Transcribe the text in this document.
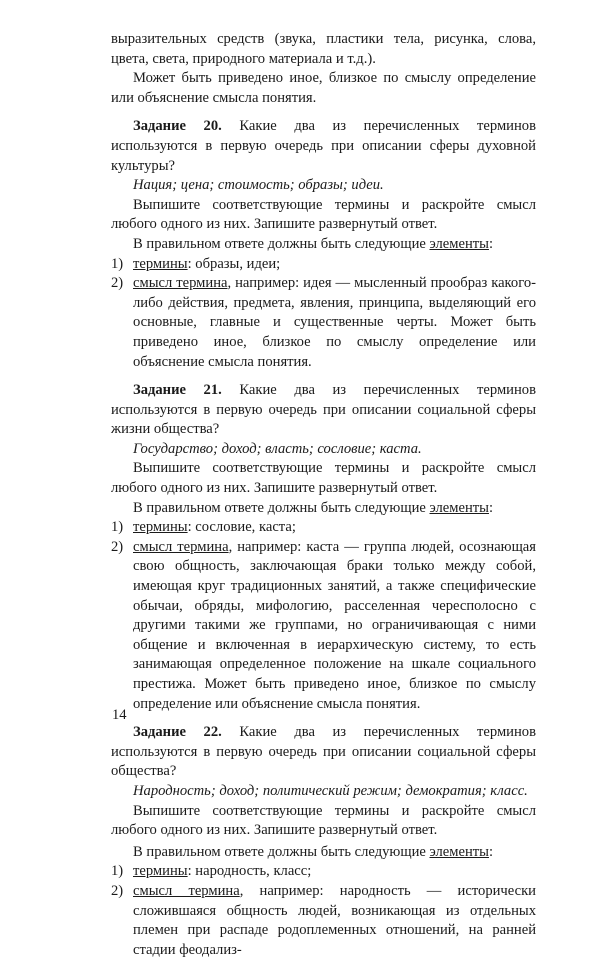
выразительных средств (звука, пластики тела, рисунка, слова, цвета, света, природного материала и т.д.).

Может быть приведено иное, близкое по смыслу определение или объяснение смысла понятия.

Задание 20. Какие два из перечисленных терминов используются в первую очередь при описании сферы духовной культуры?

Нация; цена; стоимость; образы; идеи.

Выпишите соответствующие термины и раскройте смысл любого одного из них. Запишите развернутый ответ.

В правильном ответе должны быть следующие элементы:

1) термины: образы, идеи;

2) смысл термина, например: идея — мысленный прообраз какого-либо действия, предмета, явления, принципа, выделяющий его основные, главные и существенные черты. Может быть приведено иное, близкое по смыслу определение или объяснение смысла понятия.

Задание 21. Какие два из перечисленных терминов используются в первую очередь при описании социальной сферы жизни общества?

Государство; доход; власть; сословие; каста.

Выпишите соответствующие термины и раскройте смысл любого одного из них. Запишите развернутый ответ.

В правильном ответе должны быть следующие элементы:

1) термины: сословие, каста;

2) смысл термина, например: каста — группа людей, осознающая свою общность, заключающая браки только между собой, имеющая круг традиционных занятий, а также специфические обычаи, обряды, мифологию, расселенная чересполосно с другими такими же группами, но ограничивающая с ними общение и включенная в иерархическую систему, то есть занимающая определенное положение на шкале социального престижа. Может быть приведено иное, близкое по смыслу определение или объяснение смысла понятия.

Задание 22. Какие два из перечисленных терминов используются в первую очередь при описании социальной сферы общества?

Народность; доход; политический режим; демократия; класс.

Выпишите соответствующие термины и раскройте смысл любого одного из них. Запишите развернутый ответ.

В правильном ответе должны быть следующие элементы:

1) термины: народность, класс;

2) смысл термина, например: народность — исторически сложившаяся общность людей, возникающая из отдельных племен при распаде родоплеменных отношений, на ранней стадии феодализ-

14
